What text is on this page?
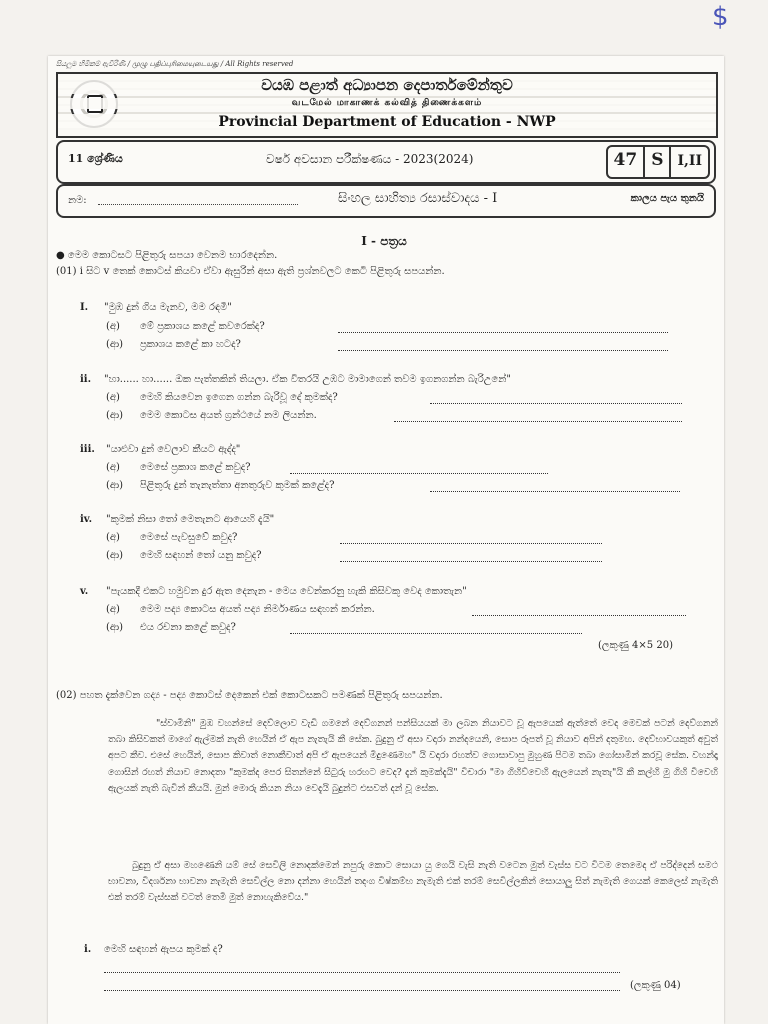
$
සියලුම හිමිකම් ඇවිරිණි / முழு பதிப்புரிமையுடையது / All Rights reserved
වයඹ පළාත් අධ්‍යාපන දෙපාර්තමේන්තුව
வடமேல் மாகாணக் கல்வித் திணைக்களம்
Provincial Department of Education - NWP
11 ශ්‍රේණිය	වර්ෂ අවසාන පරීක්ෂණය - 2023(2024)	47 S	I,II
නම:	සිංහල සාහිත්‍ය රසාස්වාදය - I	කාලය පැය තුනයි
I - පත්‍රය
● මෙම කොටසට පිළිතුරු සපයා වෙනම භාරදෙන්න.
(01) i සිට v තෙක් කොටස් කියවා ඒවා ඇසුරින් අසා ඇති ප්‍රශ්නවලට කෙටි පිළිතුරු සපයන්න.
I. "මුඹ දුන් ගිය මැනව, මම රඳමී"
(අ) මේ ප්‍රකාශය කළේ කවරෙක්ද?
(ආ) ප්‍රකාශය කළේ කා හටද?
ii. "හා...... හා...... ඔක පැත්තකින් තියලා. ඒක විතරයි උඹට මාමාගෙන් තවම ඉගනගන්න බැරිඋනේ"
(අ) මෙහි කියවෙන ඉගෙන ගන්න බැරිවූ දේ කුමක්ද?
(ආ) මෙම කොටස අයත් ග්‍රන්ථයේ නම ලියන්න.
iii. "යාළුවා දුන් වෙලාව කීයට ඇද්ද"
(අ) මෙසේ ප්‍රකාශ කළේ කවුද?
(ආ) පිළිතුරු දුන් තැනැත්තා අනතුරුව කුමක් කළේද?
iv. "කුමක් නිසා තෝ මෙතැනට ආයෙහි දැයි"
(අ) මෙසේ පැවසුවේ කවුද?
(ආ) මෙහි සඳහන් තෝ යනු කවුද?
v. "පැයකදී එකට හමුවන දුර ඇත දෙනැන - මෙය වෙන්කරනු හැකි කිසිවකු වෙද කොතැන"
(අ) මෙම පද්‍ය කොටස අයත් පද්‍ය නිර්මාණය සඳහන් කරන්න.
(ආ) එය රචනා කළේ කවුද?
(ලකුණු 4×5 20)
(02) පහත දැක්වෙන ගද්‍ය - පද්‍ය කොටස් දෙකෙන් එක් කොටසකට පමණක් පිළිතුරු සපයන්න.
"ස්වාමීනි" මුඹ වහන්සේ දෙව්ලොව වැඩි ගමනේ දෙව්ගනන් පන්සියයක් මා ලබන නියාවට වූ ඇපයෙක් ඇත්තේ වෙද මෙවක් පටන් දෙව්ගනන් තබා කිසිවකත් මාගේ ඇල්මක් නැති හෙයින් ඒ ඇප නැතැයි කී සේක. බුදුනු ඒ අසා වදාරා නන්දයෙනි, සොප රූපත් වූ නියාව අපින් දතුමහ. දෙව්භාවයකුත් අවුත් අපට කීව. එසේ හෙයින්, සොප කිවාත් නොකීවාත් අපි ඒ ඇපයෙන් මිදුණෙමහ" යි වදාරා රහත්ව ගොසාවාපු මුහුණ පිටම තබා ගෝසාමින් කරවූ සේක. වහන්දෑ ගොසින් රහත් නියාව නොදතා "කුමක්ද පෙර සිතන්නේ සිටුරු හරහට වෙද? දැන් කුමක්දැයි" විචාරා "මා ගිහිව්වෙහි ඇලයෙන් නැතැ"යි කී කල්හි මු ගිහි වීවෙහි ඇලයක් නැති බැවින් කීයයි. මුන් මොරු කියන නියා වෙදැයි බුදුන්ට එසවත් දන් වූ සේක.
බුදුනු ඒ අසා මහණෙනි යම් සේ සෙවිලි නොදක්මෙන් නපුරු කොට සොයා යු ගෙයි වැසි නැති වටෙන මුත් වැස්ස වට විටම තෙමෙද ඒ පරිද්දෙන් සමථ භාවනා, විදර්ශනා භාවනා නැමැති සෙවිල්ල නො දන්නා හෙයින් තදංග විෂ්කම්භ නැමැති එක් තරම් සෙවිල්ලකින් සොයාලු සිත් නැමැති ගෙයක් කෙලෙස් නැමැති එක් තරම් වැස්සක් වටත් තෙමී මුත් නොහැකිවේය."
i. මෙහි සඳහන් ඇපය කුමක් ද?
(ලකුණු 04)
